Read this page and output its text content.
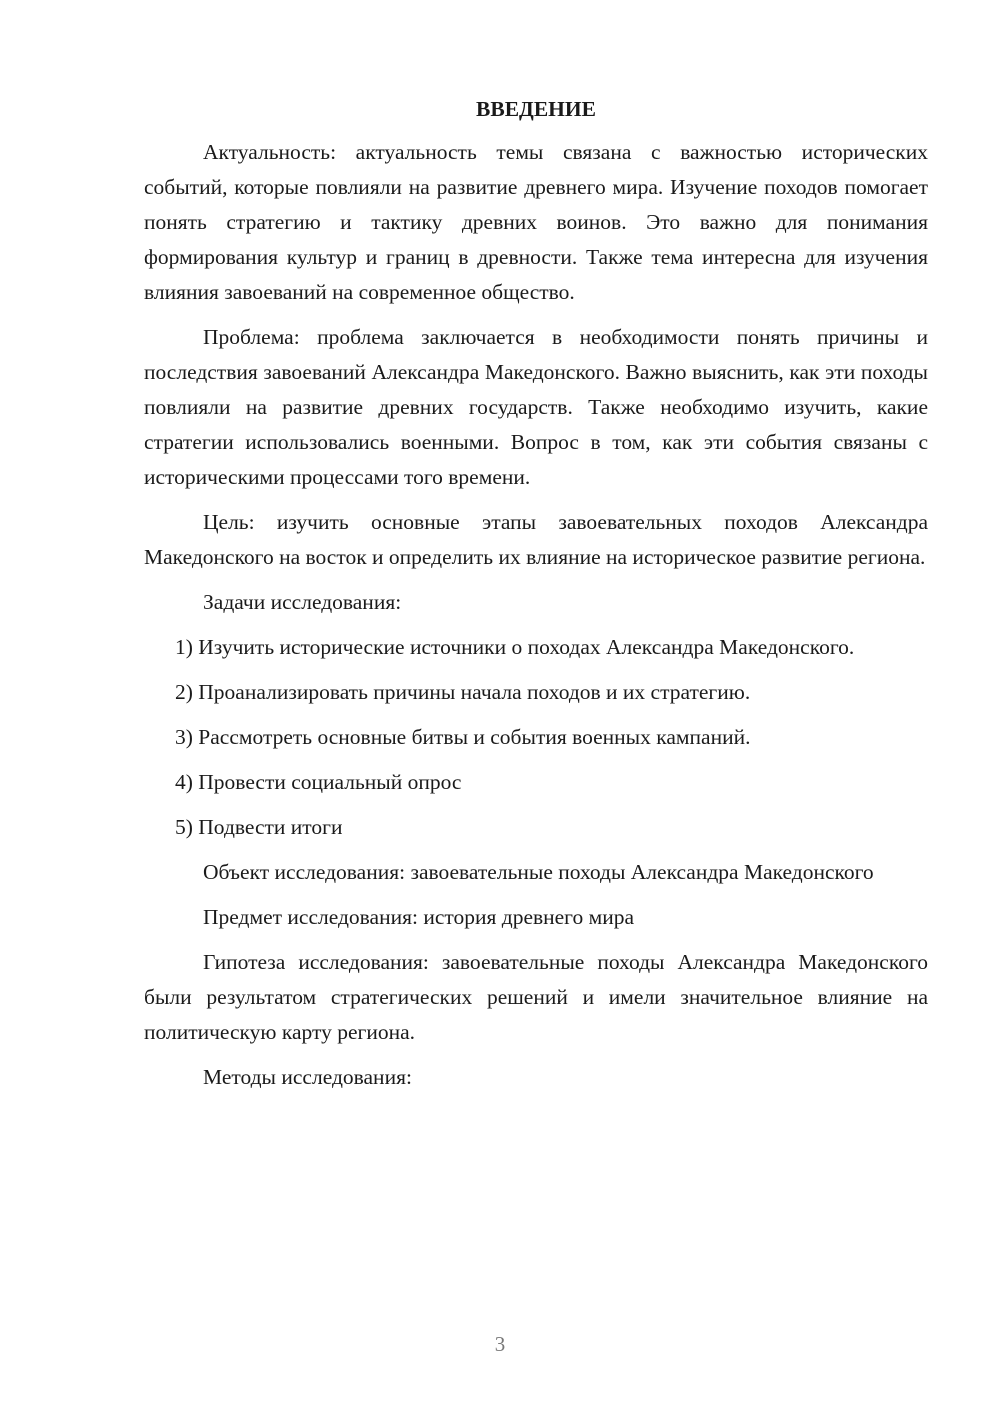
ВВЕДЕНИЕ

Актуальность: актуальность темы связана с важностью исторических событий, которые повлияли на развитие древнего мира. Изучение походов помогает понять стратегию и тактику древних воинов. Это важно для понимания формирования культур и границ в древности. Также тема интересна для изучения влияния завоеваний на современное общество.

Проблема: проблема заключается в необходимости понять причины и последствия завоеваний Александра Македонского. Важно выяснить, как эти походы повлияли на развитие древних государств. Также необходимо изучить, какие стратегии использовались военными. Вопрос в том, как эти события связаны с историческими процессами того времени.

Цель: изучить основные этапы завоевательных походов Александра Македонского на восток и определить их влияние на историческое развитие региона.

Задачи исследования:

1) Изучить исторические источники о походах Александра Македонского.

2) Проанализировать причины начала походов и их стратегию.

3) Рассмотреть основные битвы и события военных кампаний.

4) Провести социальный опрос

5) Подвести итоги

Объект исследования: завоевательные походы Александра Македонского

Предмет исследования: история древнего мира

Гипотеза исследования: завоевательные походы Александра Македонского были результатом стратегических решений и имели значительное влияние на политическую карту региона.

Методы исследования:

3
